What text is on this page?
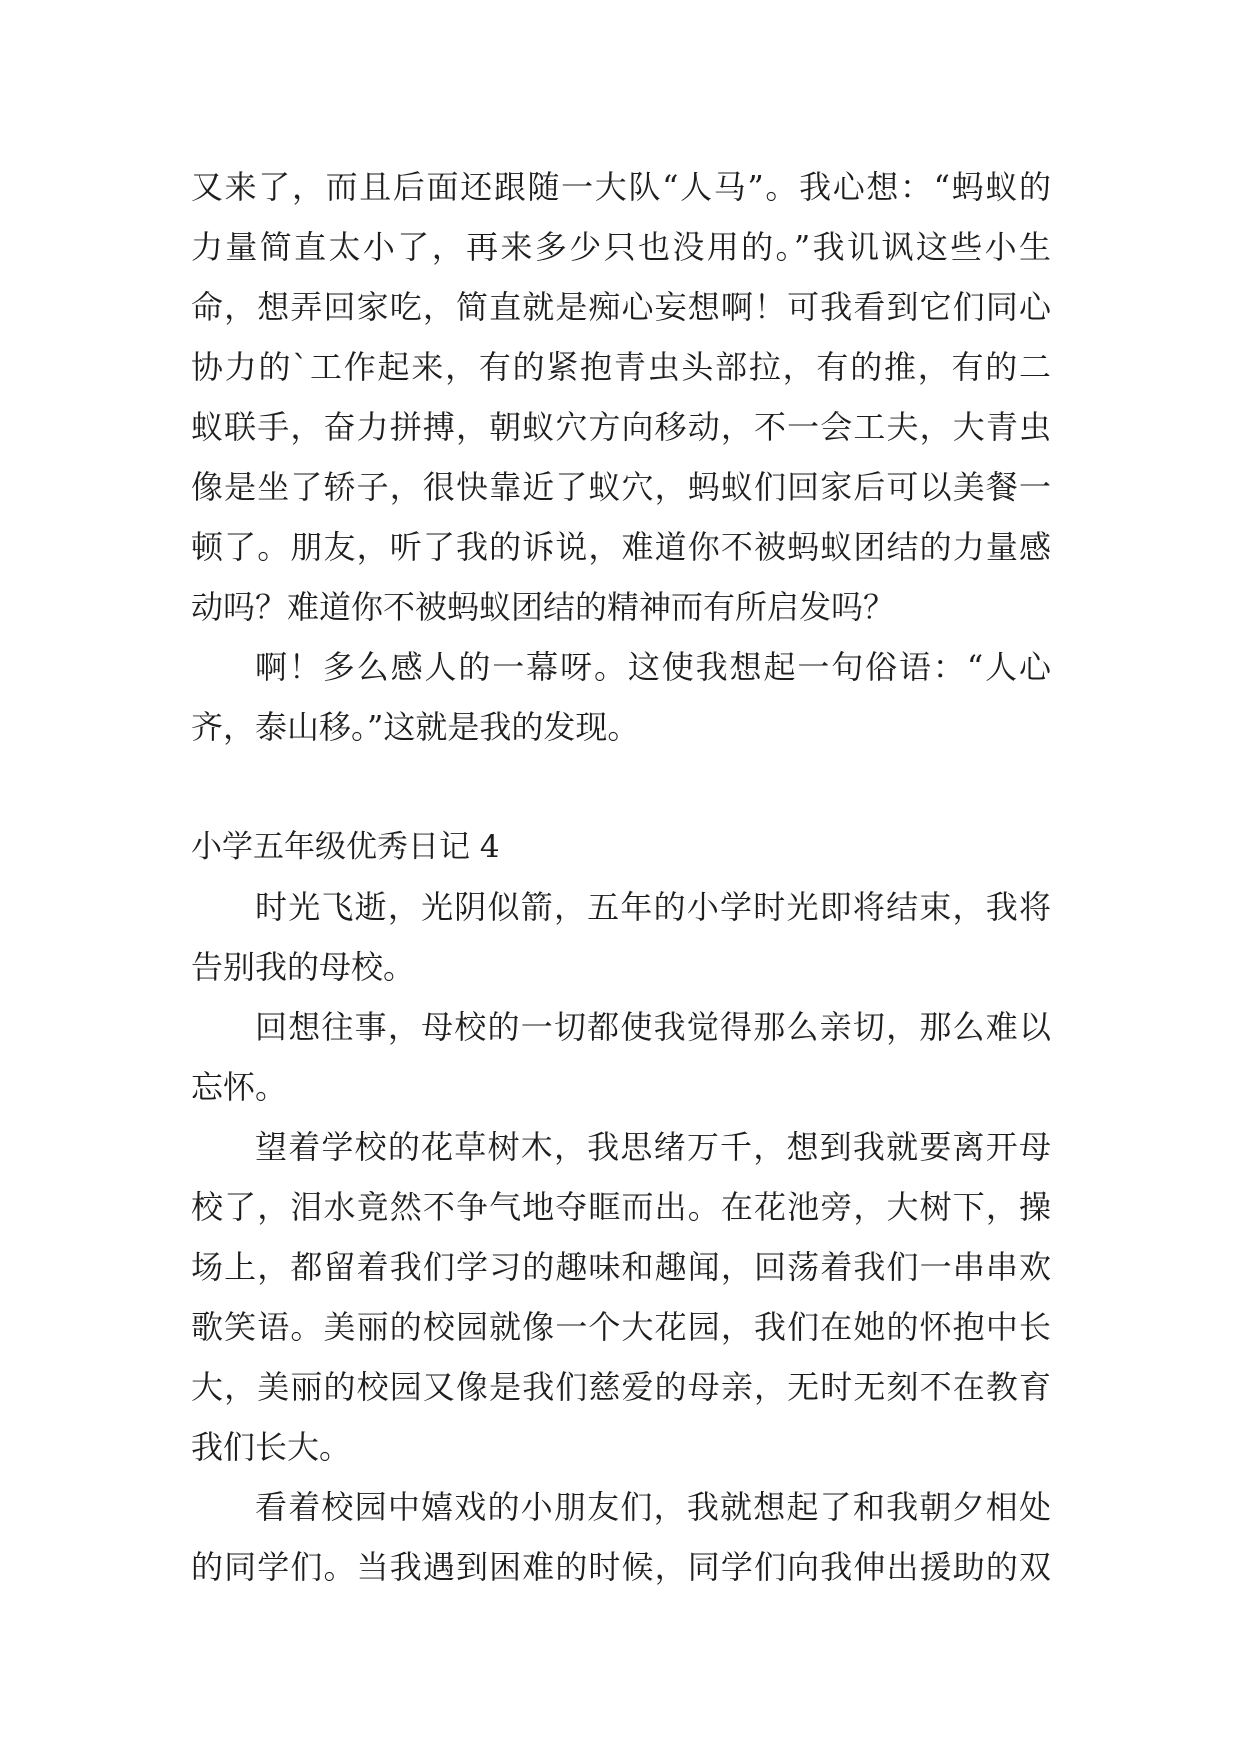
又来了，而且后面还跟随一大队“人马”。我心想：“蚂蚁的
力量简直太小了，再来多少只也没用的。”我讥讽这些小生
命，想弄回家吃，简直就是痴心妄想啊！可我看到它们同心
协力的`工作起来，有的紧抱青虫头部拉，有的推，有的二
蚁联手，奋力拼搏，朝蚁穴方向移动，不一会工夫，大青虫
像是坐了轿子，很快靠近了蚁穴，蚂蚁们回家后可以美餐一
顿了。朋友，听了我的诉说，难道你不被蚂蚁团结的力量感
动吗？难道你不被蚂蚁团结的精神而有所启发吗？
啊！多么感人的一幕呀。这使我想起一句俗语：“人心
齐，泰山移。”这就是我的发现。
小学五年级优秀日记 4
时光飞逝，光阴似箭，五年的小学时光即将结束，我将
告别我的母校。
回想往事，母校的一切都使我觉得那么亲切，那么难以
忘怀。
望着学校的花草树木，我思绪万千，想到我就要离开母
校了，泪水竟然不争气地夺眶而出。在花池旁，大树下，操
场上，都留着我们学习的趣味和趣闻，回荡着我们一串串欢
歌笑语。美丽的校园就像一个大花园，我们在她的怀抱中长
大，美丽的校园又像是我们慈爱的母亲，无时无刻不在教育
我们长大。
看着校园中嬉戏的小朋友们，我就想起了和我朝夕相处
的同学们。当我遇到困难的时候，同学们向我伸出援助的双
